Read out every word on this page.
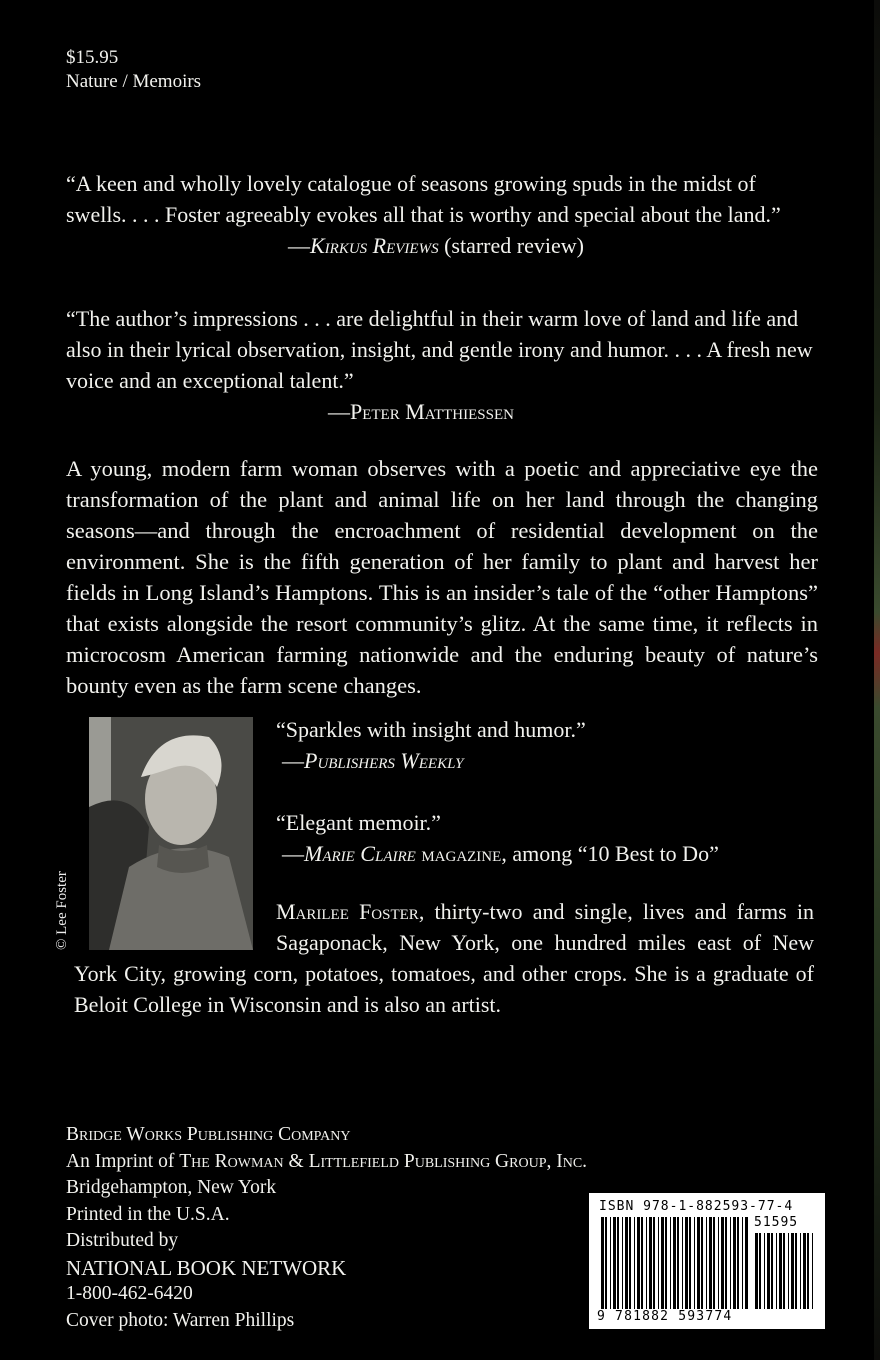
$15.95
Nature / Memoirs
“A keen and wholly lovely catalogue of seasons growing spuds in the midst of swells. . . . Foster agreeably evokes all that is worthy and special about the land.”
—Kirkus Reviews (starred review)
“The author’s impressions . . . are delightful in their warm love of land and life and also in their lyrical observation, insight, and gentle irony and humor. . . . A fresh new voice and an exceptional talent.”
—Peter Matthiessen
A young, modern farm woman observes with a poetic and appreciative eye the transformation of the plant and animal life on her land through the changing seasons—and through the encroachment of residential development on the environment. She is the fifth generation of her family to plant and harvest her fields in Long Island’s Hamptons. This is an insider’s tale of the “other Hamptons” that exists alongside the resort community’s glitz. At the same time, it reflects in microcosm American farming nationwide and the enduring beauty of nature’s bounty even as the farm scene changes.
© Lee Foster
“Sparkles with insight and humor.”
—Publishers Weekly
“Elegant memoir.”
—Marie Claire magazine, among “10 Best to Do”
Marilee Foster, thirty-two and single, lives and farms in Sagaponack, New York, one hundred miles east of New York City, growing corn, potatoes, tomatoes, and other crops. She is a graduate of Beloit College in Wisconsin and is also an artist.
Bridge Works Publishing Company
An Imprint of The Rowman & Littlefield Publishing Group, Inc.
Bridgehampton, New York
Printed in the U.S.A.
Distributed by
NATIONAL BOOK NETWORK
1-800-462-6420
Cover photo: Warren Phillips
ISBN 978-1-882593-77-4
51595
9 781882 593774
